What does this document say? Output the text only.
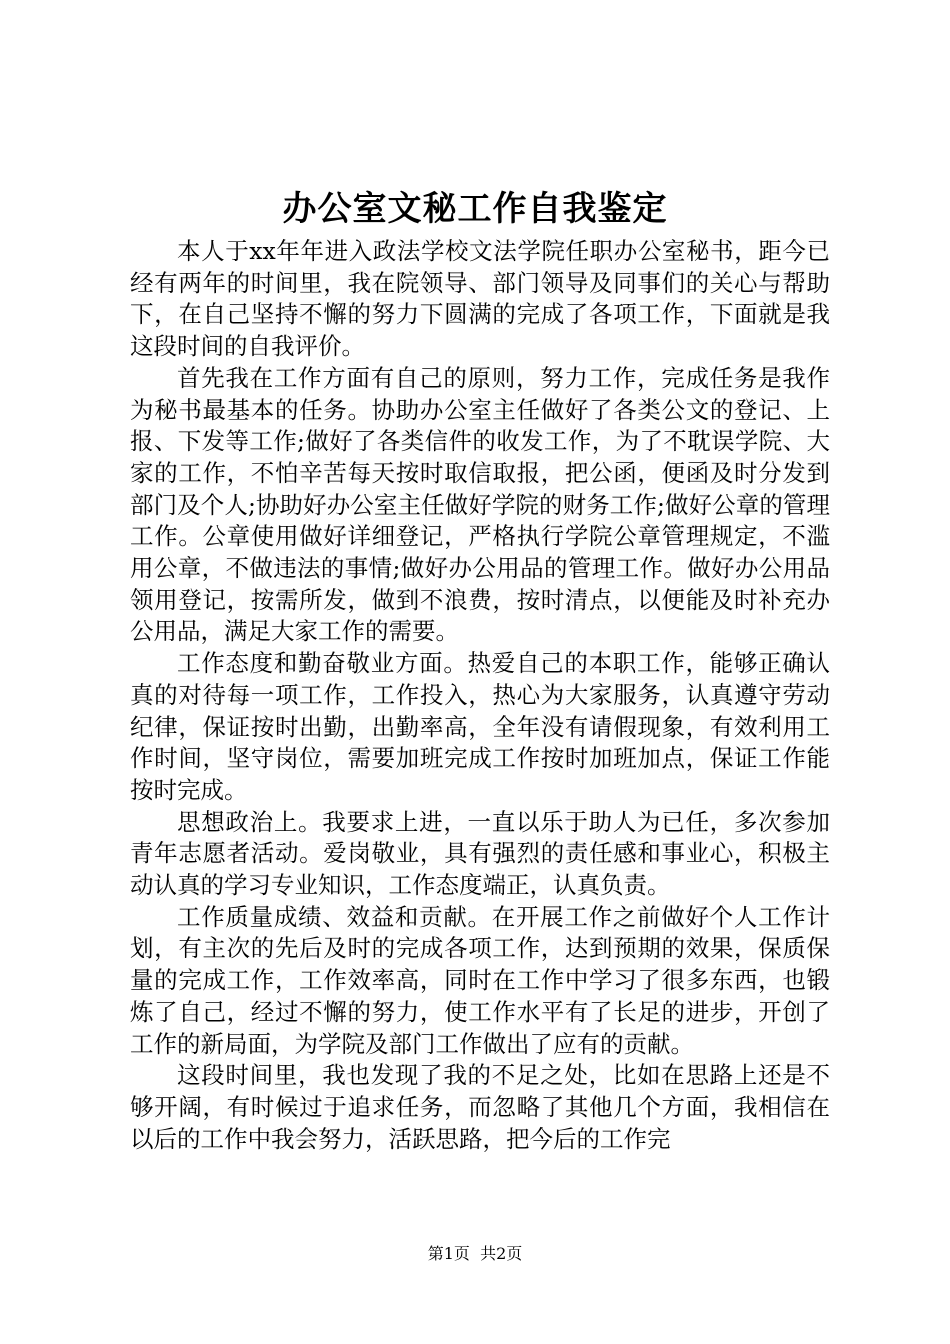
办公室文秘工作自我鉴定

本人于xx年年进入政法学校文法学院任职办公室秘书，距今已经有两年的时间里，我在院领导、部门领导及同事们的关心与帮助下，在自己坚持不懈的努力下圆满的完成了各项工作，下面就是我这段时间的自我评价。

首先我在工作方面有自己的原则，努力工作，完成任务是我作为秘书最基本的任务。协助办公室主任做好了各类公文的登记、上报、下发等工作;做好了各类信件的收发工作，为了不耽误学院、大家的工作，不怕辛苦每天按时取信取报，把公函，便函及时分发到部门及个人;协助好办公室主任做好学院的财务工作;做好公章的管理工作。公章使用做好详细登记，严格执行学院公章管理规定，不滥用公章，不做违法的事情;做好办公用品的管理工作。做好办公用品领用登记，按需所发，做到不浪费，按时清点，以便能及时补充办公用品，满足大家工作的需要。

工作态度和勤奋敬业方面。热爱自己的本职工作，能够正确认真的对待每一项工作，工作投入，热心为大家服务，认真遵守劳动纪律，保证按时出勤，出勤率高，全年没有请假现象，有效利用工作时间，坚守岗位，需要加班完成工作按时加班加点，保证工作能按时完成。

思想政治上。我要求上进，一直以乐于助人为已任，多次参加青年志愿者活动。爱岗敬业，具有强烈的责任感和事业心，积极主动认真的学习专业知识，工作态度端正，认真负责。

工作质量成绩、效益和贡献。在开展工作之前做好个人工作计划，有主次的先后及时的完成各项工作，达到预期的效果，保质保量的完成工作，工作效率高，同时在工作中学习了很多东西，也锻炼了自己，经过不懈的努力，使工作水平有了长足的进步，开创了工作的新局面，为学院及部门工作做出了应有的贡献。

这段时间里，我也发现了我的不足之处，比如在思路上还是不够开阔，有时候过于追求任务，而忽略了其他几个方面，我相信在以后的工作中我会努力，活跃思路，把今后的工作完

第1页  共2页
